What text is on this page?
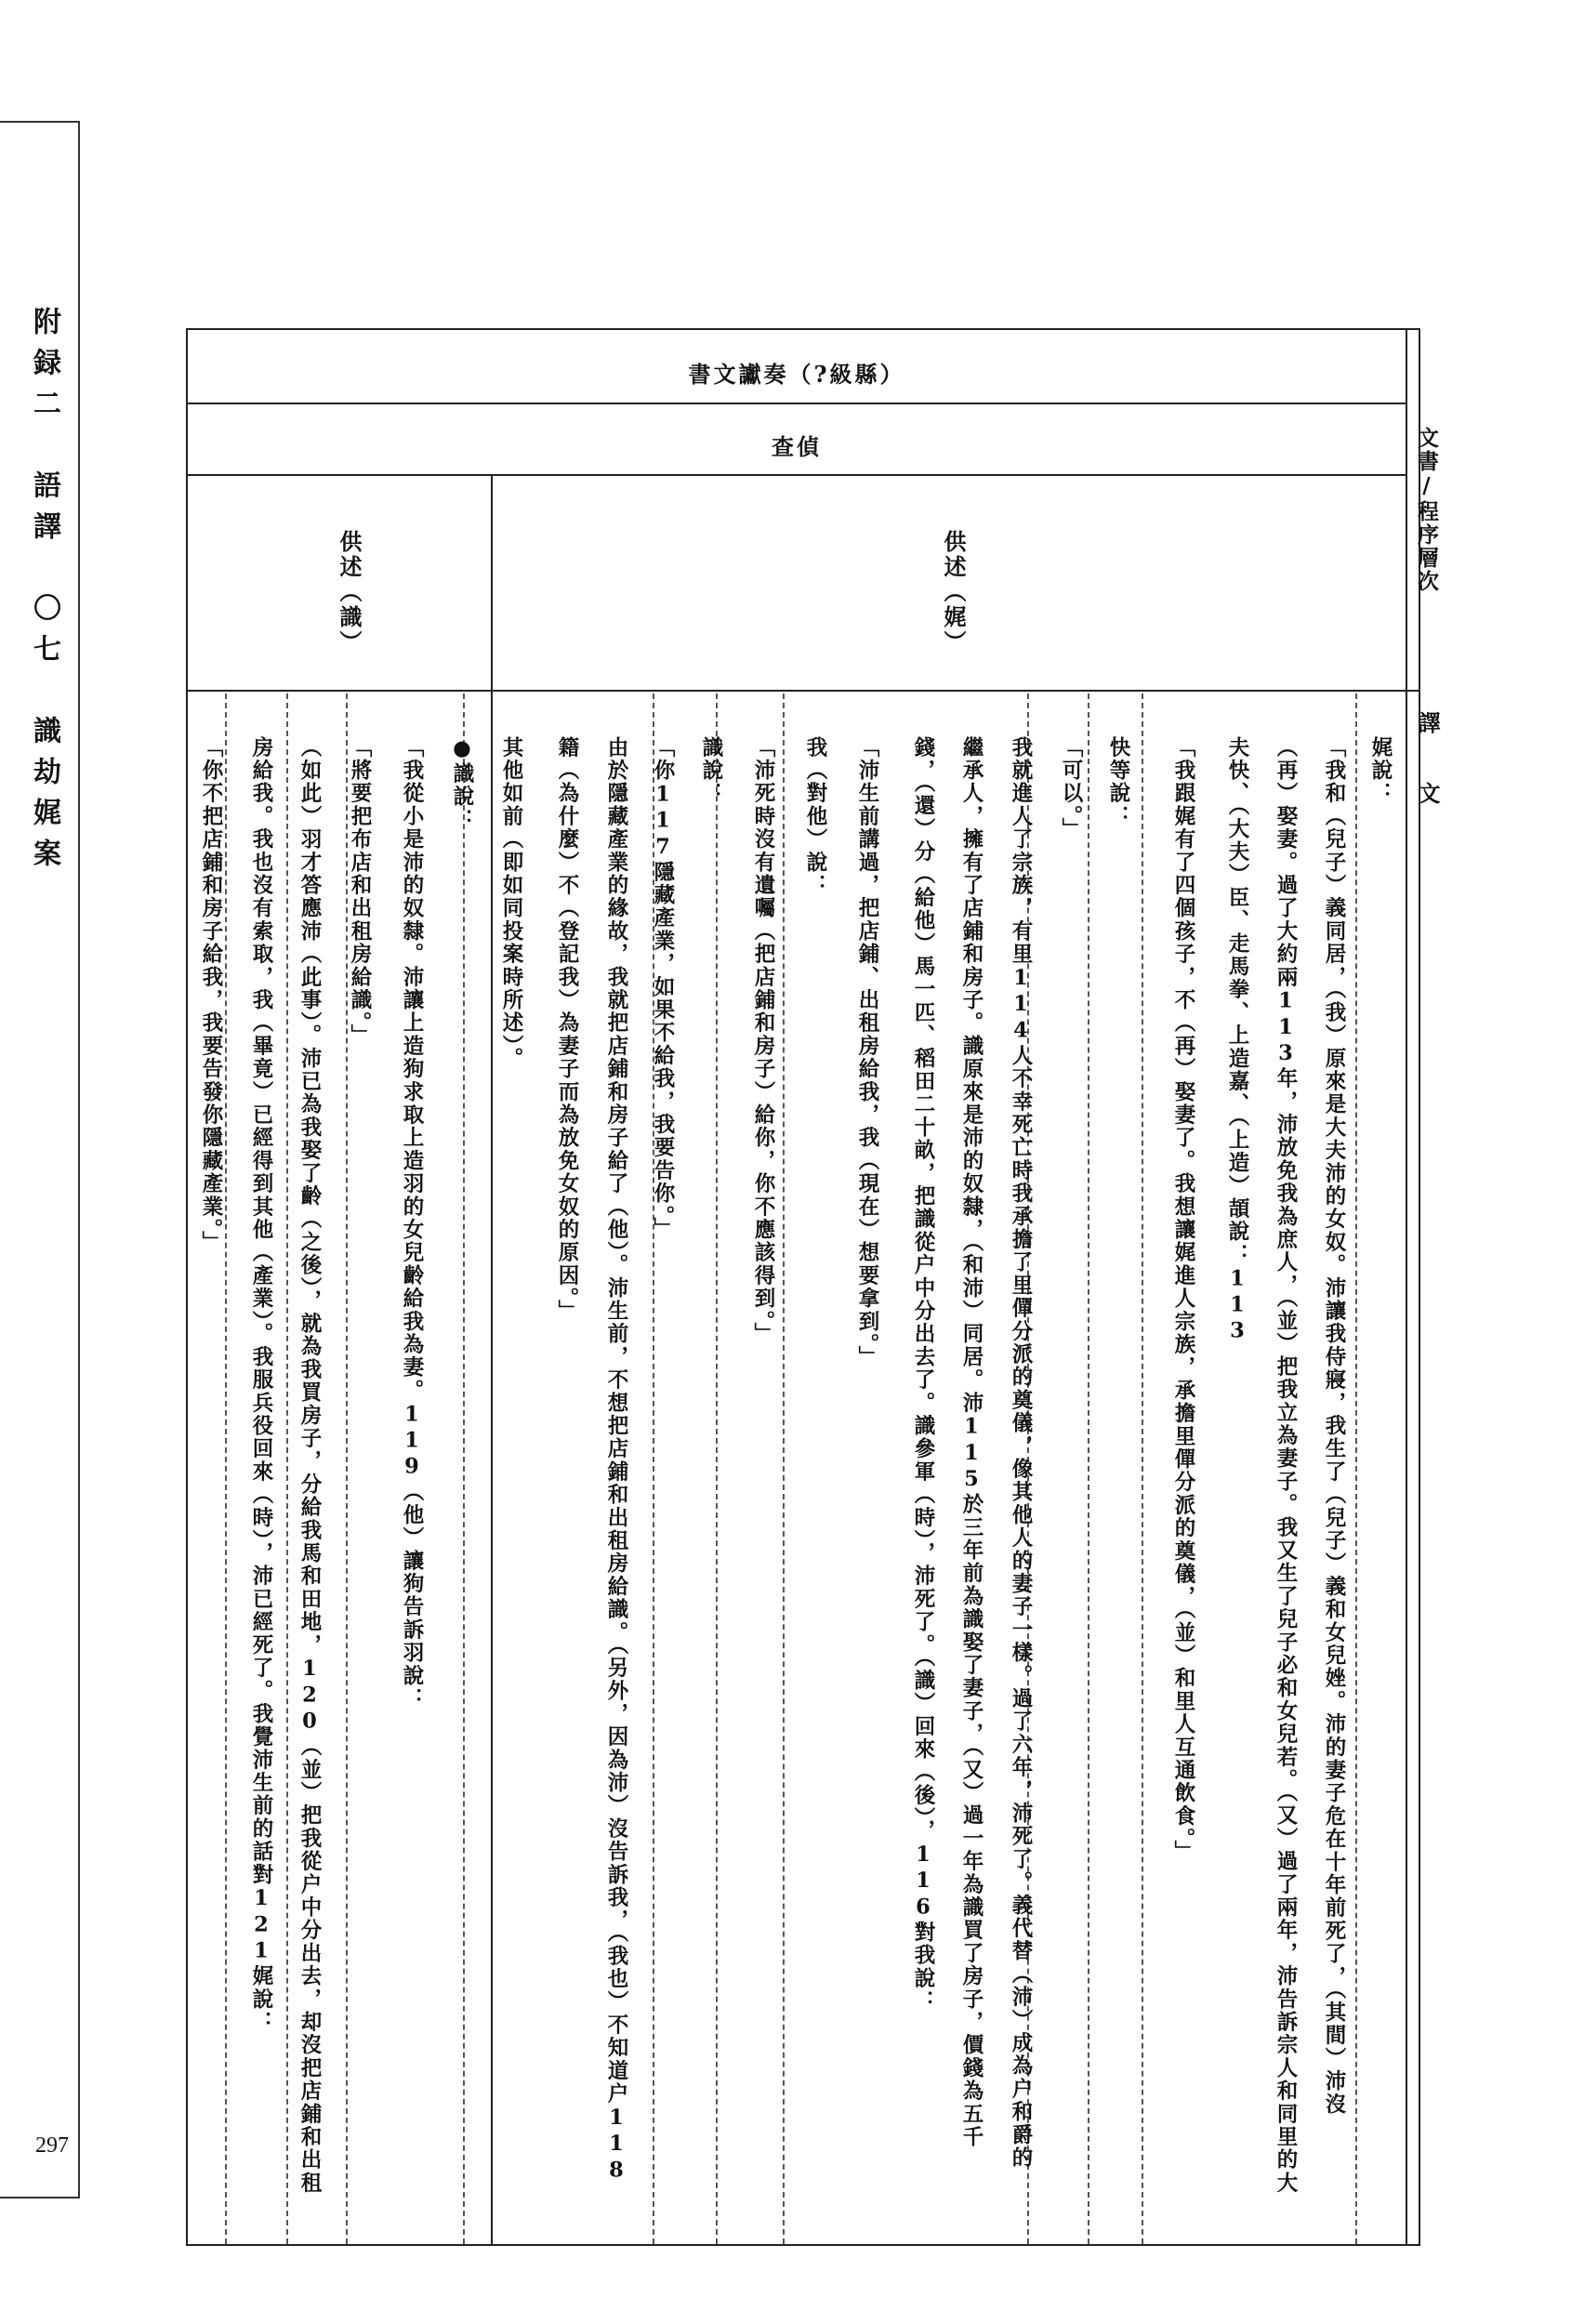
附録二　語譯　〇七　識劫娓案
297
書文讞奏（?級縣）
查偵
供述（識）	供述（娓）	文書/程序層次
譯　文
娓說：
「我和（兒子）義同居，（我）原來是大夫沛的女奴。沛讓我侍寢，我生了（兒子）義和女兒㛗。沛的妻子危在十年前死了，（其間）沛沒
（再）娶妻。過了大約兩113年，沛放免我為庶人，（並）把我立為妻子。我又生了兒子必和女兒若。（又）過了兩年，沛告訴宗人和同里的大
夫快、（大夫）臣、走馬拳、上造嘉、（上造）頡說：113
「我跟娓有了四個孩子，不（再）娶妻了。我想讓娓進人宗族，承擔里僤分派的奠儀，（並）和里人互通飲食。」
快等說：
「可以。」
我就進人了宗族，有里114人不幸死亡時我承擔了里僤分派的奠儀，像其他人的妻子一樣。過了六年，沛死了。義代替（沛）成為户和爵的
繼承人，擁有了店鋪和房子。識原來是沛的奴隸，（和沛）同居。沛115於三年前為識娶了妻子，（又）過一年為識買了房子，價錢為五千
錢，（還）分（給他）馬一匹、稻田二十畝，把識從户中分出去了。識參軍（時），沛死了。（識）回來（後），116對我說：
「沛生前講過，把店鋪、出租房給我，我（現在）想要拿到。」
我（對他）說：
「沛死時沒有遺囑（把店鋪和房子）給你，你不應該得到。」
識說：
「你117隱藏產業，如果不給我，我要告你。」
由於隱藏產業的緣故，我就把店鋪和房子給了（他）。沛生前，不想把店鋪和出租房給識。（另外，因為沛）沒告訴我，（我也）不知道户118
籍（為什麼）不（登記我）為妻子而為放免女奴的原因。」
其他如前（即如同投案時所述）。
●識說：
「我從小是沛的奴隸。沛讓上造狗求取上造羽的女兒齡給我為妻。119（他）讓狗告訴羽說：
「將要把布店和出租房給識。」
（如此）羽才答應沛（此事）。沛已為我娶了齡（之後），就為我買房子，分給我馬和田地，120（並）把我從户中分出去，却沒把店鋪和出租
房給我。我也沒有索取，我（畢竟）已經得到其他（產業）。我服兵役回來（時），沛已經死了。我覺沛生前的話對121娓說：
「你不把店鋪和房子給我，我要告發你隱藏產業。」
